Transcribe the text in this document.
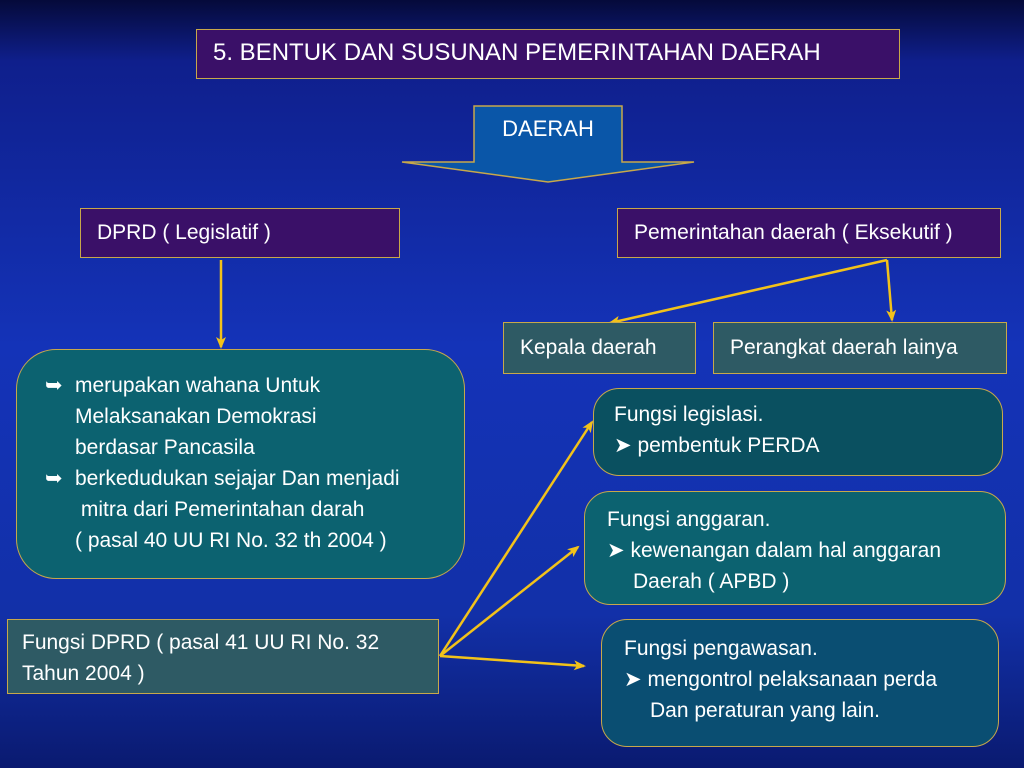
5. BENTUK DAN SUSUNAN PEMERINTAHAN DAERAH
DAERAH
DPRD ( Legislatif )	Pemerintahan daerah ( Eksekutif )
Kepala daerah	Perangkat daerah lainya
➥ merupakan wahana Untuk
Melaksanakan Demokrasi
berdasar Pancasila
➥ berkedudukan sejajar Dan menjadi
mitra dari Pemerintahan darah
( pasal 40 UU RI No. 32 th 2004 )
Fungsi DPRD ( pasal 41 UU RI No. 32
Tahun 2004 )
Fungsi legislasi.
➤ pembentuk PERDA
Fungsi anggaran.
➤ kewenangan dalam hal anggaran
Daerah ( APBD )
Fungsi pengawasan.
➤ mengontrol pelaksanaan perda
Dan peraturan yang lain.
